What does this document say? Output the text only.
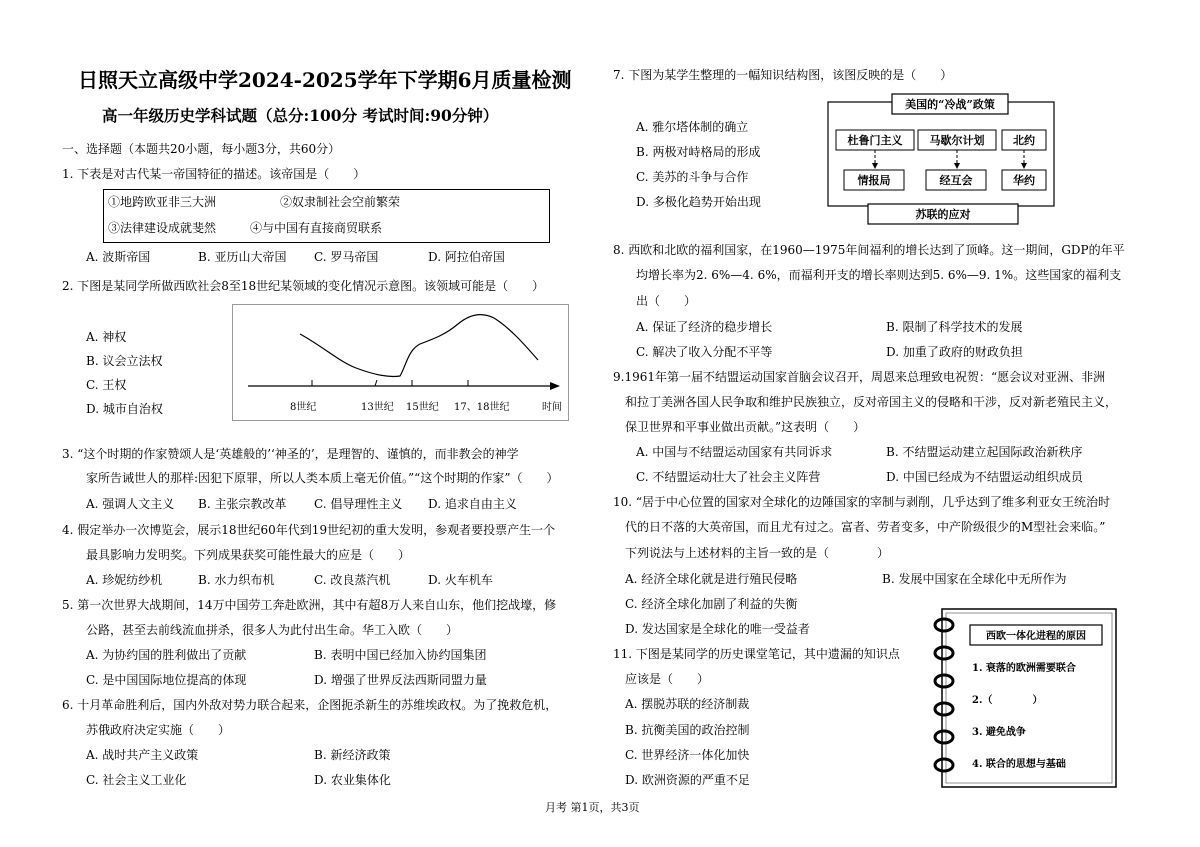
日照天立高级中学2024-2025学年下学期6月质量检测
高一年级历史学科试题（总分:100分 考试时间:90分钟）
一、选择题（本题共20小题，每小题3分，共60分）
1. 下表是对古代某一帝国特征的描述。该帝国是（　　）
①地跨欧亚非三大洲	②奴隶制社会空前繁荣
③法律建设成就斐然	④与中国有直接商贸联系
A. 波斯帝国	B. 亚历山大帝国 C. 罗马帝国	D. 阿拉伯帝国
2. 下图是某同学所做西欧社会8至18世纪某领域的变化情况示意图。该领域可能是（　　）
A. 神权
B. 议会立法权
C. 王权
D. 城市自治权	8世纪	13世纪 15世纪 17、18世纪	时间
3. “这个时期的作家赞颂人是‘英雄般的’‘神圣的’，是理智的、谨慎的，而非教会的神学
家所告诫世人的那样:因犯下原罪，所以人类本质上毫无价值。”“这个时期的作家”（　　）
A. 强调人文主义 B. 主张宗教改革 C. 倡导理性主义 D. 追求自由主义
4. 假定举办一次博览会，展示18世纪60年代到19世纪初的重大发明，参观者要投票产生一个
最具影响力发明奖。下列成果获奖可能性最大的应是（　　）
A. 珍妮纺纱机	B. 水力织布机	C. 改良蒸汽机	D. 火车机车
5. 第一次世界大战期间，14万中国劳工奔赴欧洲，其中有超8万人来自山东，他们挖战壕，修
公路，甚至去前线流血拼杀，很多人为此付出生命。华工入欧（　　）
A. 为协约国的胜利做出了贡献	B. 表明中国已经加入协约国集团
C. 是中国国际地位提高的体现	D. 增强了世界反法西斯同盟力量
6. 十月革命胜利后，国内外敌对势力联合起来，企图扼杀新生的苏维埃政权。为了挽救危机，
苏俄政府决定实施（　　）
A. 战时共产主义政策	B. 新经济政策
C. 社会主义工业化	D. 农业集体化
7. 下图为某学生整理的一幅知识结构图，该图反映的是（　　）
A. 雅尔塔体制的确立
B. 两极对峙格局的形成
C. 美苏的斗争与合作
D. 多极化趋势开始出现
美国的“冷战”政策
杜鲁门主义 马歇尔计划	北约
情报局	经互会	华约
苏联的应对
8. 西欧和北欧的福利国家，在1960—1975年间福利的增长达到了顶峰。这一期间，GDP的年平
均增长率为2. 6%—4. 6%，而福利开支的增长率则达到5. 6%—9. 1%。这些国家的福利支
出（　　）
A. 保证了经济的稳步增长	B. 限制了科学技术的发展
C. 解决了收入分配不平等	D. 加重了政府的财政负担
9.1961年第一届不结盟运动国家首脑会议召开，周恩来总理致电祝贺：“愿会议对亚洲、非洲
和拉丁美洲各国人民争取和维护民族独立，反对帝国主义的侵略和干涉，反对新老殖民主义，
保卫世界和平事业做出贡献。”这表明（　　）
A. 中国与不结盟运动国家有共同诉求	B. 不结盟运动建立起国际政治新秩序
C. 不结盟运动壮大了社会主义阵营	D. 中国已经成为不结盟运动组织成员
10. “居于中心位置的国家对全球化的边陲国家的宰制与剥削，几乎达到了维多利亚女王统治时
代的日不落的大英帝国，而且尤有过之。富者、劳者变多，中产阶级很少的M型社会来临。”
下列说法与上述材料的主旨一致的是（　　　　）
A. 经济全球化就是进行殖民侵略	B. 发展中国家在全球化中无所作为
C. 经济全球化加剧了利益的失衡
D. 发达国家是全球化的唯一受益者
11. 下图是某同学的历史课堂笔记，其中遗漏的知识点
应该是（　　）
A. 摆脱苏联的经济制裁
B. 抗衡美国的政治控制
C. 世界经济一体化加快
D. 欧洲资源的严重不足
西欧一体化进程的原因
1. 衰落的欧洲需要联合
2.（　　　　）
3. 避免战争
4. 联合的思想与基础
月考 第1页，共3页
